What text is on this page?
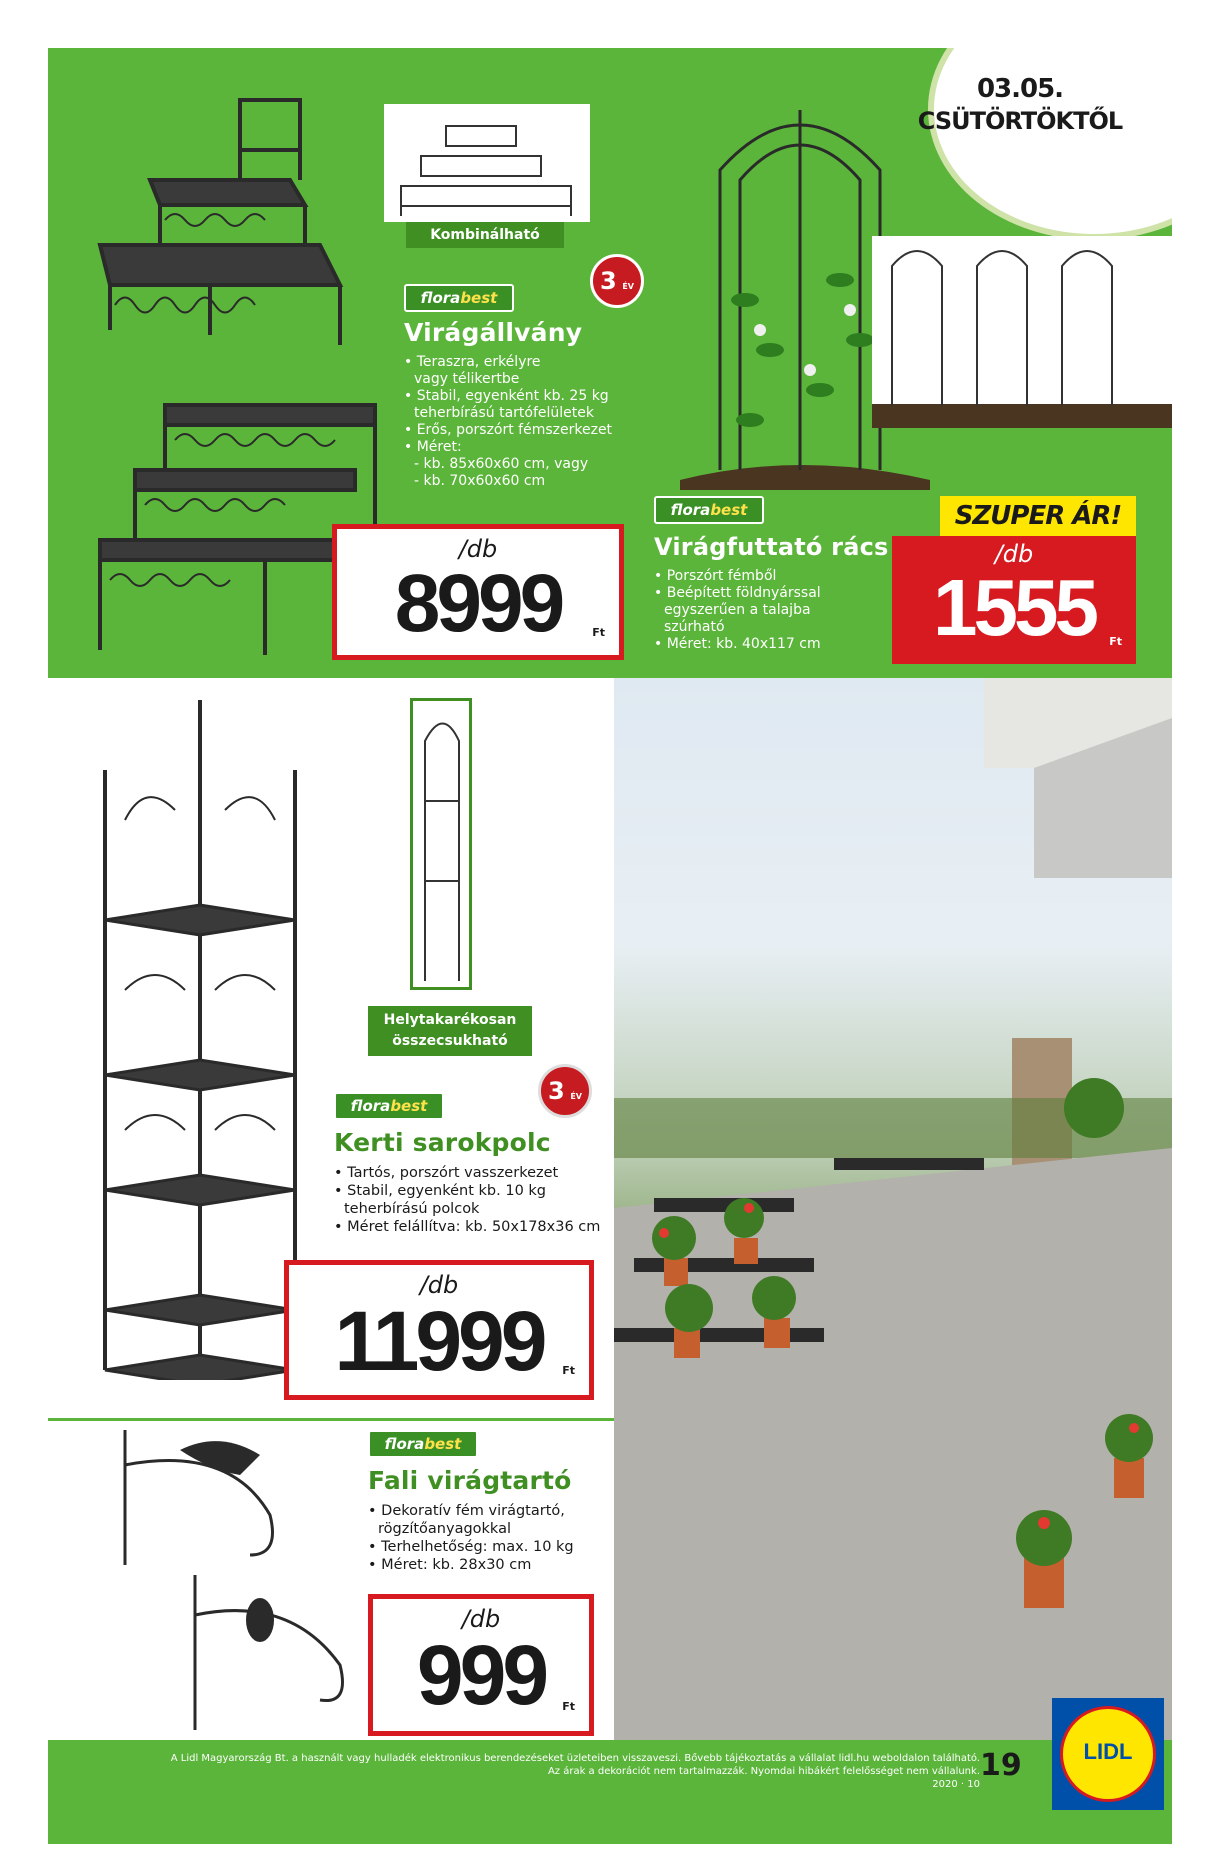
03.05.
CSÜTÖRTÖKTŐL
Kombinálható
3 ÉV
florabest
Virágállvány
• Teraszra, erkélyre
vagy télikertbe
• Stabil, egyenként kb. 25 kg
teherbírású tartófelületek
• Erős, porszórt fémszerkezet
• Méret:
- kb. 85x60x60 cm, vagy
- kb. 70x60x60 cm
/db
8999	Ft
florabest
Virágfuttató rács
• Porszórt fémből
• Beépített földnyárssal
egyszerűen a talajba
szúrható
• Méret: kb. 40x117 cm
SZUPER ÁR!
/db
1555	Ft
Helytakarékosan
összecsukható
3 ÉV
florabest
Kerti sarokpolc
• Tartós, porszórt vasszerkezet
• Stabil, egyenként kb. 10 kg
teherbírású polcok
• Méret felállítva: kb. 50x178x36 cm
/db
11999	Ft
florabest
Fali virágtartó
• Dekoratív fém virágtartó,
rögzítőanyagokkal
• Terhelhetőség: max. 10 kg
• Méret: kb. 28x30 cm
/db
999	Ft
A Lidl Magyarország Bt. a használt vagy hulladék elektronikus berendezéseket üzleteiben visszaveszi. Bővebb tájékoztatás a vállalat lidl.hu weboldalon található.
Az árak a dekorációt nem tartalmazzák. Nyomdai hibákért felelősséget nem vállalunk.
2020 · 10
19	LIDL
